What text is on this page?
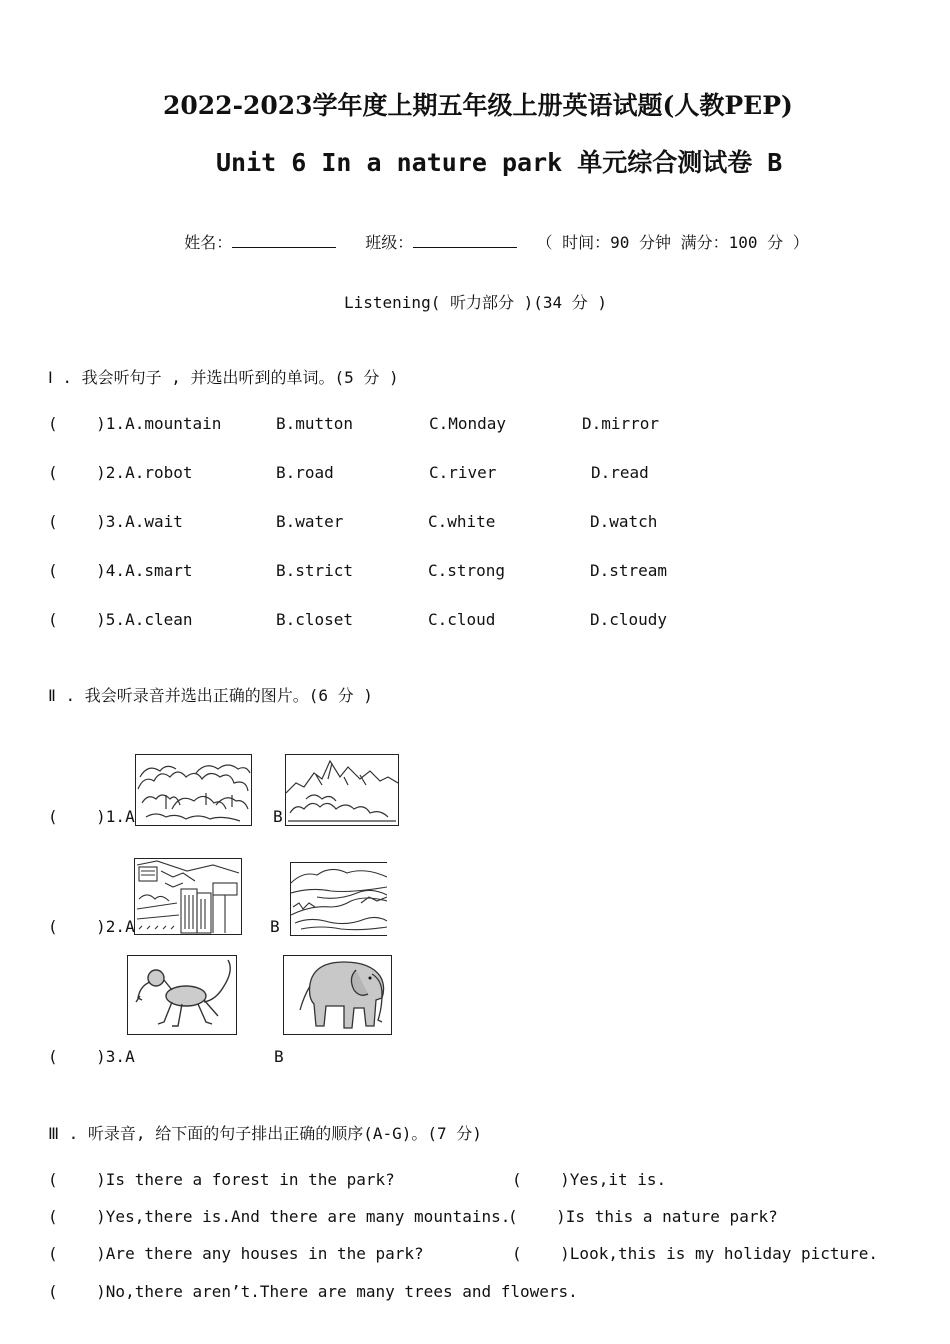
2022-2023学年度上期五年级上册英语试题(人教PEP)
Unit 6 In a nature park 单元综合测试卷 B

姓名：	班级：	（ 时间：90 分钟 满分：100 分 ）

Listening( 听力部分 )(34 分 )
Ⅰ . 我会听句子 , 并选出听到的单词。(5 分 )
(    )1.A.mountain	B.mutton	C.Monday	D.mirror
(    )2.A.robot	B.road	C.river	D.read
(    )3.A.wait	B.water	C.white	D.watch
(    )4.A.smart	B.strict	C.strong	D.stream
(    )5.A.clean	B.closet	C.cloud	D.cloudy
Ⅱ . 我会听录音并选出正确的图片。(6 分 )
(    )1.A	B
(    )2.A	B
(    )3.A	B
Ⅲ . 听录音, 给下面的句子排出正确的顺序(A-G)。(7 分)
(    )Is there a forest in the park?	(    )Yes,it is.
(    )Yes,there is.And there are many mountains.
(    )Is this a nature park?
(    )Are there any houses in the park?	(    )Look,this is my holiday picture.
(    )No,there aren’t.There are many trees and flowers.
